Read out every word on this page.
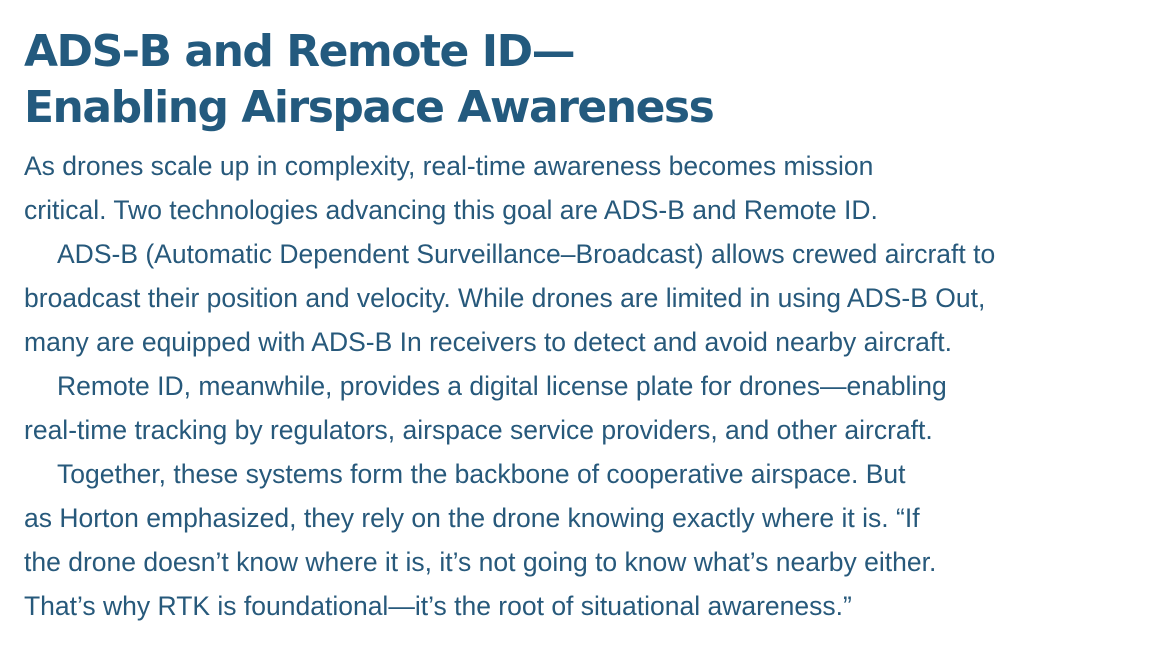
ADS-B and Remote ID—
Enabling Airspace Awareness

As drones scale up in complexity, real-time awareness becomes mission
critical. Two technologies advancing this goal are ADS-B and Remote ID.

ADS-B (Automatic Dependent Surveillance–Broadcast) allows crewed aircraft to
broadcast their position and velocity. While drones are limited in using ADS-B Out,
many are equipped with ADS-B In receivers to detect and avoid nearby aircraft.

Remote ID, meanwhile, provides a digital license plate for drones—enabling
real-time tracking by regulators, airspace service providers, and other aircraft.

Together, these systems form the backbone of cooperative airspace. But
as Horton emphasized, they rely on the drone knowing exactly where it is. “If
the drone doesn’t know where it is, it’s not going to know what’s nearby either.
That’s why RTK is foundational—it’s the root of situational awareness.”
